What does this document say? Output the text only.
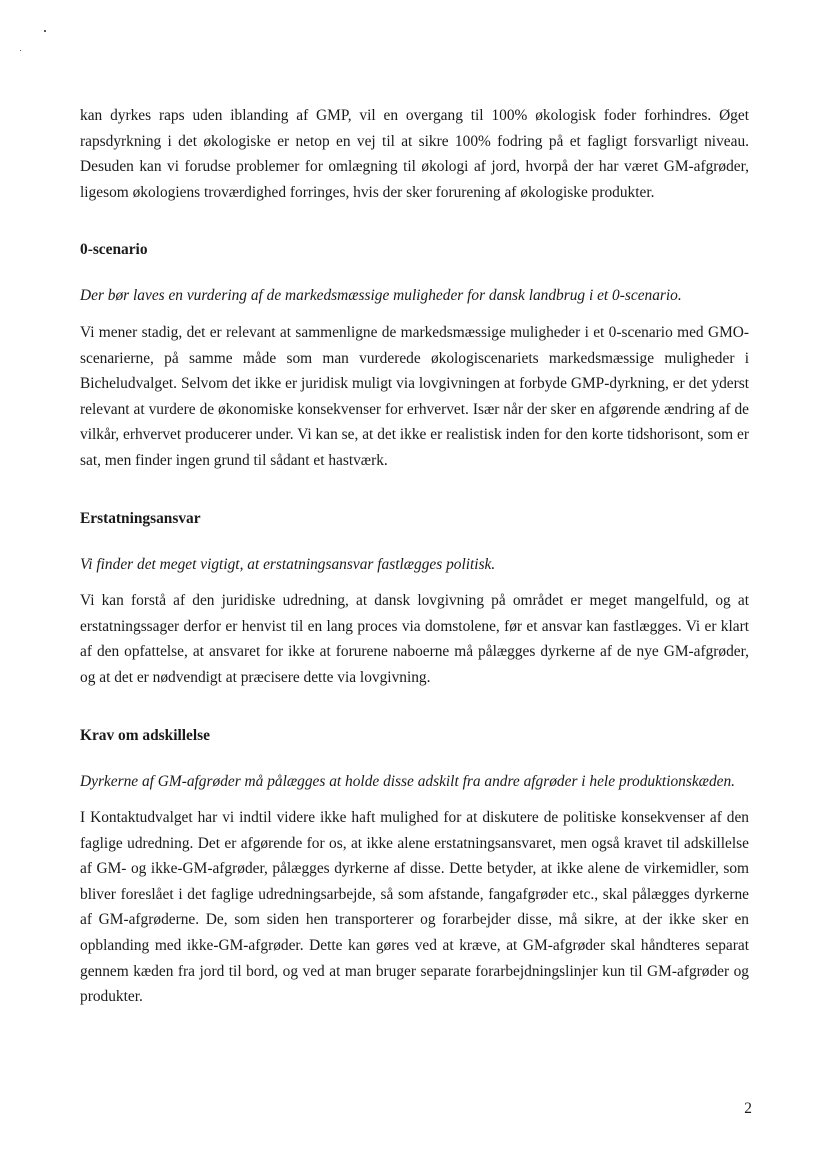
kan dyrkes raps uden iblanding af GMP, vil en overgang til 100% økologisk foder forhindres. Øget rapsdyrkning i det økologiske er netop en vej til at sikre 100% fodring på et fagligt forsvarligt niveau. Desuden kan vi forudse problemer for omlægning til økologi af jord, hvorpå der har været GM-afgrøder, ligesom økologiens troværdighed forringes, hvis der sker forurening af økologiske produkter.

0-scenario

Der bør laves en vurdering af de markedsmæssige muligheder for dansk landbrug i et 0-scenario.

Vi mener stadig, det er relevant at sammenligne de markedsmæssige muligheder i et 0-scenario med GMO-scenarierne, på samme måde som man vurderede økologiscenariets markedsmæssige muligheder i Bicheludvalget. Selvom det ikke er juridisk muligt via lovgivningen at forbyde GMP-dyrkning, er det yderst relevant at vurdere de økonomiske konsekvenser for erhvervet. Især når der sker en afgørende ændring af de vilkår, erhvervet producerer under. Vi kan se, at det ikke er realistisk inden for den korte tidshorisont, som er sat, men finder ingen grund til sådant et hastværk.

Erstatningsansvar

Vi finder det meget vigtigt, at erstatningsansvar fastlægges politisk.

Vi kan forstå af den juridiske udredning, at dansk lovgivning på området er meget mangelfuld, og at erstatningssager derfor er henvist til en lang proces via domstolene, før et ansvar kan fastlægges. Vi er klart af den opfattelse, at ansvaret for ikke at forurene naboerne må pålægges dyrkerne af de nye GM-afgrøder, og at det er nødvendigt at præcisere dette via lovgivning.

Krav om adskillelse

Dyrkerne af GM-afgrøder må pålægges at holde disse adskilt fra andre afgrøder i hele produktionskæden.

I Kontaktudvalget har vi indtil videre ikke haft mulighed for at diskutere de politiske konsekvenser af den faglige udredning. Det er afgørende for os, at ikke alene erstatningsansvaret, men også kravet til adskillelse af GM- og ikke-GM-afgrøder, pålægges dyrkerne af disse. Dette betyder, at ikke alene de virkemidler, som bliver foreslået i det faglige udredningsarbejde, så som afstande, fangafgrøder etc., skal pålægges dyrkerne af GM-afgrøderne. De, som siden hen transporterer og forarbejder disse, må sikre, at der ikke sker en opblanding med ikke-GM-afgrøder. Dette kan gøres ved at kræve, at GM-afgrøder skal håndteres separat gennem kæden fra jord til bord, og ved at man bruger separate forarbejdningslinjer kun til GM-afgrøder og produkter.

2
